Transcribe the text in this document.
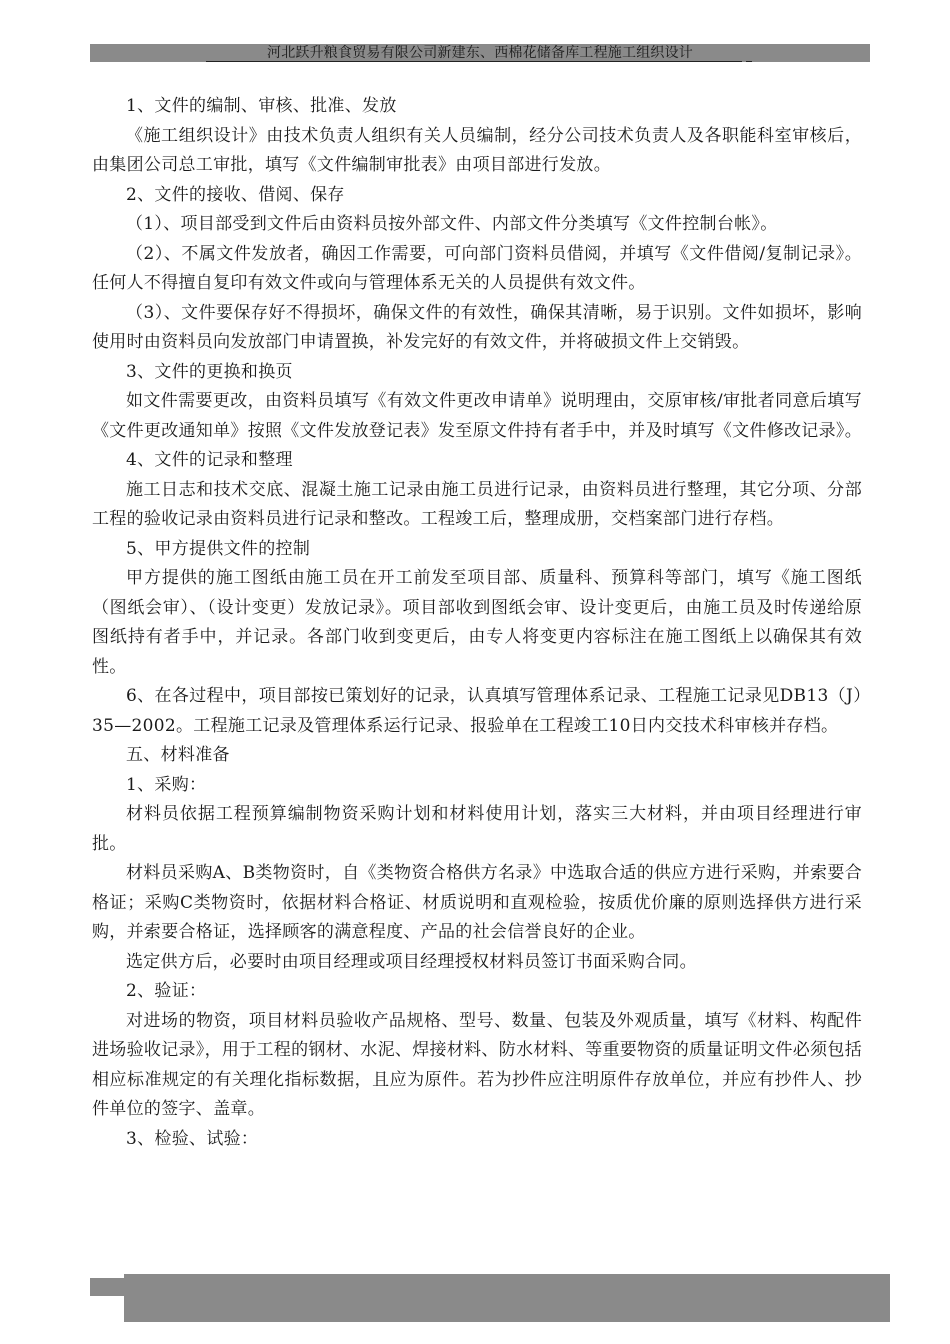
河北跃升粮食贸易有限公司新建东、西棉花储备库工程施工组织设计

1、文件的编制、审核、批准、发放

《施工组织设计》由技术负责人组织有关人员编制，经分公司技术负责人及各职能科室审核后，由集团公司总工审批，填写《文件编制审批表》由项目部进行发放。

2、文件的接收、借阅、保存

（1）、项目部受到文件后由资料员按外部文件、内部文件分类填写《文件控制台帐》。

（2）、不属文件发放者，确因工作需要，可向部门资料员借阅，并填写《文件借阅/复制记录》。任何人不得擅自复印有效文件或向与管理体系无关的人员提供有效文件。

（3）、文件要保存好不得损坏，确保文件的有效性，确保其清晰，易于识别。文件如损坏，影响使用时由资料员向发放部门申请置换，补发完好的有效文件，并将破损文件上交销毁。

3、文件的更换和换页

如文件需要更改，由资料员填写《有效文件更改申请单》说明理由，交原审核/审批者同意后填写《文件更改通知单》按照《文件发放登记表》发至原文件持有者手中，并及时填写《文件修改记录》。

4、文件的记录和整理

施工日志和技术交底、混凝土施工记录由施工员进行记录，由资料员进行整理，其它分项、分部工程的验收记录由资料员进行记录和整改。工程竣工后，整理成册，交档案部门进行存档。

5、甲方提供文件的控制

甲方提供的施工图纸由施工员在开工前发至项目部、质量科、预算科等部门，填写《施工图纸（图纸会审）、（设计变更）发放记录》。项目部收到图纸会审、设计变更后，由施工员及时传递给原图纸持有者手中，并记录。各部门收到变更后，由专人将变更内容标注在施工图纸上以确保其有效性。

6、在各过程中，项目部按已策划好的记录，认真填写管理体系记录、工程施工记录见DB13（J）35—2002。工程施工记录及管理体系运行记录、报验单在工程竣工10日内交技术科审核并存档。

五、材料准备

1、采购：

材料员依据工程预算编制物资采购计划和材料使用计划，落实三大材料，并由项目经理进行审批。

材料员采购A、B类物资时，自《类物资合格供方名录》中选取合适的供应方进行采购，并索要合格证；采购C类物资时，依据材料合格证、材质说明和直观检验，按质优价廉的原则选择供方进行采购，并索要合格证，选择顾客的满意程度、产品的社会信誉良好的企业。

选定供方后，必要时由项目经理或项目经理授权材料员签订书面采购合同。

2、验证：

对进场的物资，项目材料员验收产品规格、型号、数量、包装及外观质量，填写《材料、构配件进场验收记录》，用于工程的钢材、水泥、焊接材料、防水材料、等重要物资的质量证明文件必须包括相应标准规定的有关理化指标数据，且应为原件。若为抄件应注明原件存放单位，并应有抄件人、抄件单位的签字、盖章。

3、检验、试验：
